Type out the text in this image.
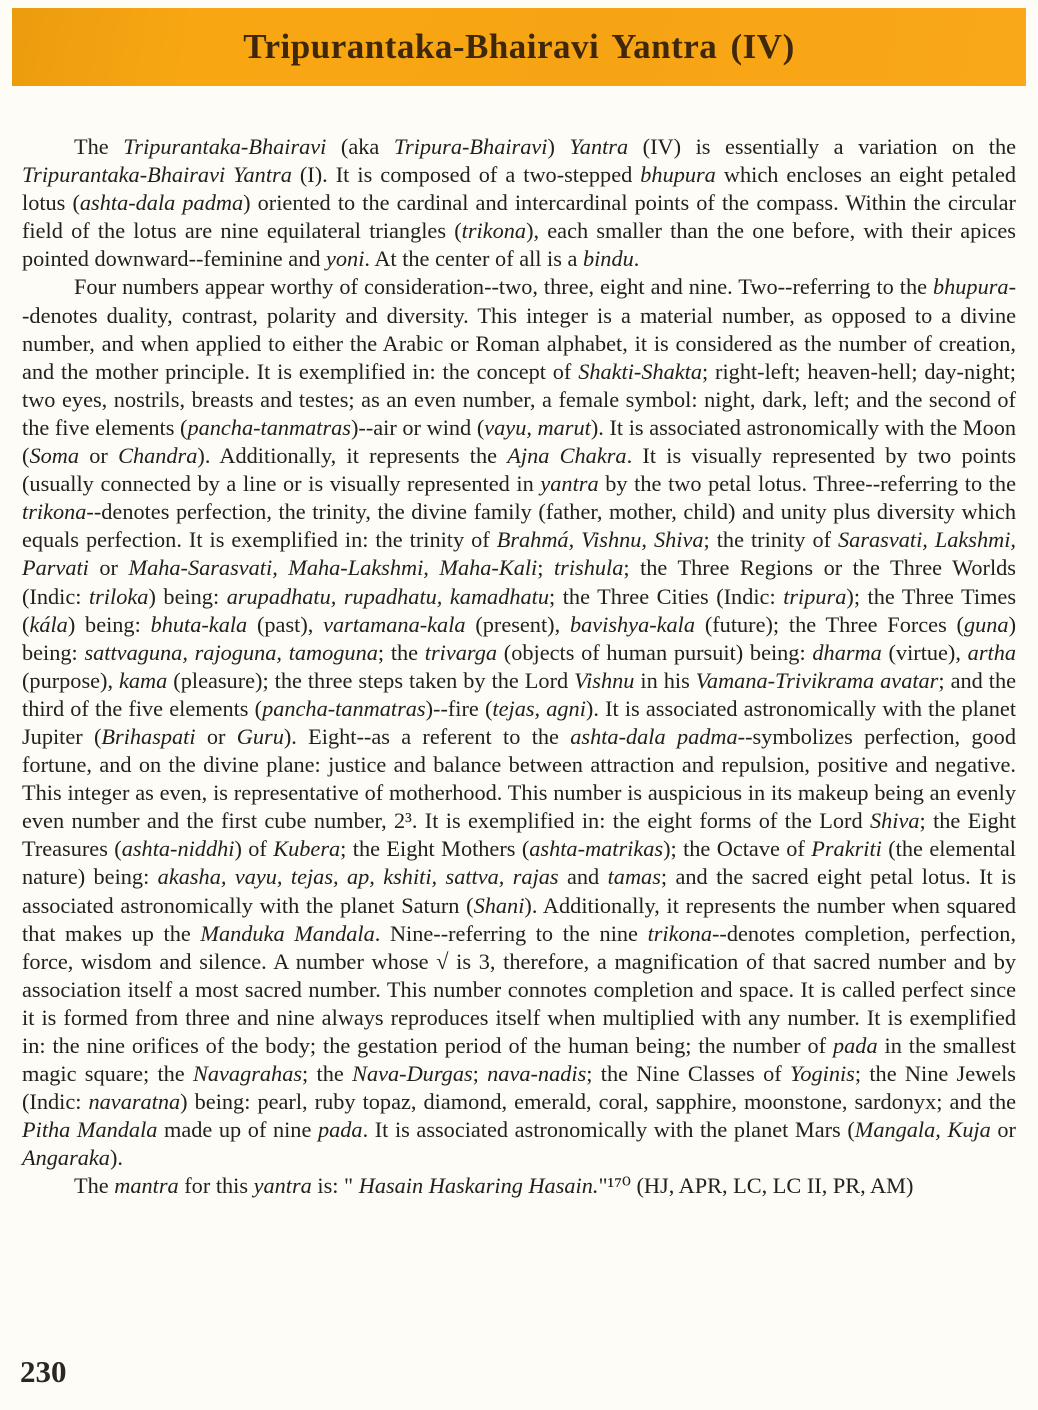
Tripurantaka-Bhairavi Yantra (IV)

The Tripurantaka-Bhairavi (aka Tripura-Bhairavi) Yantra (IV) is essentially a variation on the Tripurantaka-Bhairavi Yantra (I). It is composed of a two-stepped bhupura which encloses an eight petaled lotus (ashta-dala padma) oriented to the cardinal and intercardinal points of the compass. Within the circular field of the lotus are nine equilateral triangles (trikona), each smaller than the one before, with their apices pointed downward--feminine and yoni. At the center of all is a bindu.

Four numbers appear worthy of consideration--two, three, eight and nine. Two--referring to the bhupura--denotes duality, contrast, polarity and diversity. This integer is a material number, as opposed to a divine number, and when applied to either the Arabic or Roman alphabet, it is considered as the number of creation, and the mother principle. It is exemplified in: the concept of Shakti-Shakta; right-left; heaven-hell; day-night; two eyes, nostrils, breasts and testes; as an even number, a female symbol: night, dark, left; and the second of the five elements (pancha-tanmatras)--air or wind (vayu, marut). It is associated astronomically with the Moon (Soma or Chandra). Additionally, it represents the Ajna Chakra. It is visually represented by two points (usually connected by a line or is visually represented in yantra by the two petal lotus. Three--referring to the trikona--denotes perfection, the trinity, the divine family (father, mother, child) and unity plus diversity which equals perfection. It is exemplified in: the trinity of Brahmá, Vishnu, Shiva; the trinity of Sarasvati, Lakshmi, Parvati or Maha-Sarasvati, Maha-Lakshmi, Maha-Kali; trishula; the Three Regions or the Three Worlds (Indic: triloka) being: arupadhatu, rupadhatu, kamadhatu; the Three Cities (Indic: tripura); the Three Times (kála) being: bhuta-kala (past), vartamana-kala (present), bavishya-kala (future); the Three Forces (guna) being: sattvaguna, rajoguna, tamoguna; the trivarga (objects of human pursuit) being: dharma (virtue), artha (purpose), kama (pleasure); the three steps taken by the Lord Vishnu in his Vamana-Trivikrama avatar; and the third of the five elements (pancha-tanmatras)--fire (tejas, agni). It is associated astronomically with the planet Jupiter (Brihaspati or Guru). Eight--as a referent to the ashta-dala padma--symbolizes perfection, good fortune, and on the divine plane: justice and balance between attraction and repulsion, positive and negative. This integer as even, is representative of motherhood. This number is auspicious in its makeup being an evenly even number and the first cube number, 2³. It is exemplified in: the eight forms of the Lord Shiva; the Eight Treasures (ashta-niddhi) of Kubera; the Eight Mothers (ashta-matrikas); the Octave of Prakriti (the elemental nature) being: akasha, vayu, tejas, ap, kshiti, sattva, rajas and tamas; and the sacred eight petal lotus. It is associated astronomically with the planet Saturn (Shani). Additionally, it represents the number when squared that makes up the Manduka Mandala. Nine--referring to the nine trikona--denotes completion, perfection, force, wisdom and silence. A number whose √ is 3, therefore, a magnification of that sacred number and by association itself a most sacred number. This number connotes completion and space. It is called perfect since it is formed from three and nine always reproduces itself when multiplied with any number. It is exemplified in: the nine orifices of the body; the gestation period of the human being; the number of pada in the smallest magic square; the Navagrahas; the Nava-Durgas; nava-nadis; the Nine Classes of Yoginis; the Nine Jewels (Indic: navaratna) being: pearl, ruby topaz, diamond, emerald, coral, sapphire, moonstone, sardonyx; and the Pitha Mandala made up of nine pada. It is associated astronomically with the planet Mars (Mangala, Kuja or Angaraka).

The mantra for this yantra is: " Hasain Haskaring Hasain."¹⁷⁰ (HJ, APR, LC, LC II, PR, AM)

230
